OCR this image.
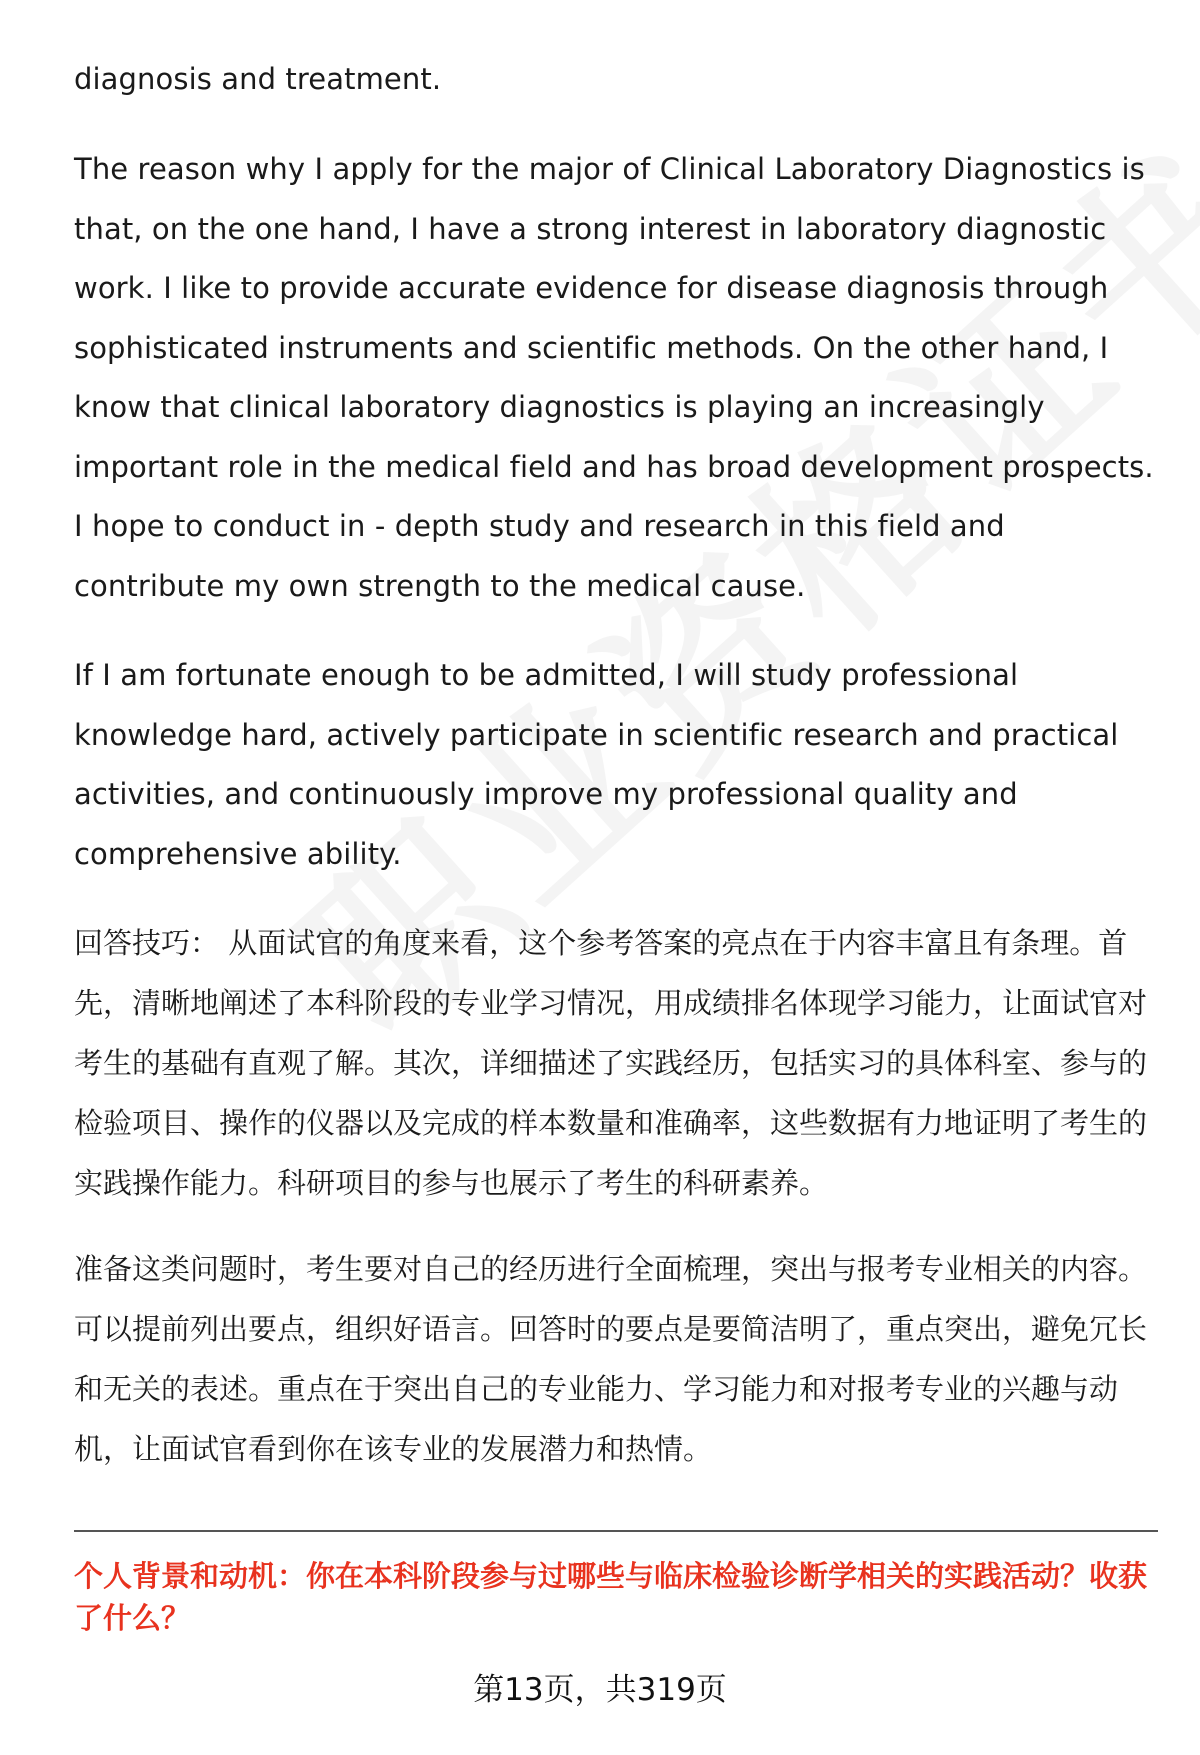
diagnosis and treatment.

The reason why I apply for the major of Clinical Laboratory Diagnostics is that, on the one hand, I have a strong interest in laboratory diagnostic work. I like to provide accurate evidence for disease diagnosis through sophisticated instruments and scientific methods. On the other hand, I know that clinical laboratory diagnostics is playing an increasingly important role in the medical field and has broad development prospects. I hope to conduct in - depth study and research in this field and contribute my own strength to the medical cause.

If I am fortunate enough to be admitted, I will study professional knowledge hard, actively participate in scientific research and practical activities, and continuously improve my professional quality and comprehensive ability.

回答技巧： 从面试官的角度来看，这个参考答案的亮点在于内容丰富且有条理。首先，清晰地阐述了本科阶段的专业学习情况，用成绩排名体现学习能力，让面试官对考生的基础有直观了解。其次，详细描述了实践经历，包括实习的具体科室、参与的检验项目、操作的仪器以及完成的样本数量和准确率，这些数据有力地证明了考生的实践操作能力。科研项目的参与也展示了考生的科研素养。

准备这类问题时，考生要对自己的经历进行全面梳理，突出与报考专业相关的内容。可以提前列出要点，组织好语言。回答时的要点是要简洁明了，重点突出，避免冗长和无关的表述。重点在于突出自己的专业能力、学习能力和对报考专业的兴趣与动机，让面试官看到你在该专业的发展潜力和热情。

个人背景和动机：你在本科阶段参与过哪些与临床检验诊断学相关的实践活动？收获了什么？

第13页，共319页
